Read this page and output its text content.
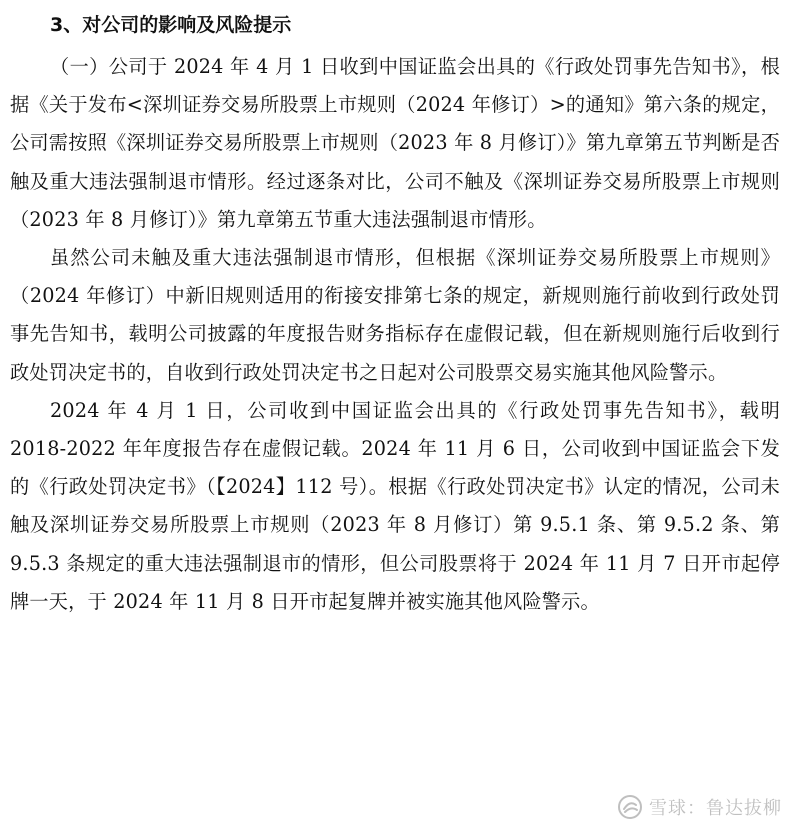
3、对公司的影响及风险提示

（一）公司于 2024 年 4 月 1 日收到中国证监会出具的《行政处罚事先告知书》，根据《关于发布<深圳证券交易所股票上市规则（2024 年修订）>的通知》第六条的规定，公司需按照《深圳证券交易所股票上市规则（2023 年 8 月修订）》第九章第五节判断是否触及重大违法强制退市情形。经过逐条对比，公司不触及《深圳证券交易所股票上市规则（2023 年 8 月修订）》第九章第五节重大违法强制退市情形。

虽然公司未触及重大违法强制退市情形，但根据《深圳证券交易所股票上市规则》（2024 年修订）中新旧规则适用的衔接安排第七条的规定，新规则施行前收到行政处罚事先告知书，载明公司披露的年度报告财务指标存在虚假记载，但在新规则施行后收到行政处罚决定书的，自收到行政处罚决定书之日起对公司股票交易实施其他风险警示。

2024 年 4 月 1 日，公司收到中国证监会出具的《行政处罚事先告知书》，载明 2018-2022 年年度报告存在虚假记载。2024 年 11 月 6 日，公司收到中国证监会下发的《行政处罚决定书》（【2024】112 号）。根据《行政处罚决定书》认定的情况，公司未触及深圳证券交易所股票上市规则（2023 年 8 月修订）第 9.5.1 条、第 9.5.2 条、第 9.5.3 条规定的重大违法强制退市的情形，但公司股票将于 2024 年 11 月 7 日开市起停牌一天，于 2024 年 11 月 8 日开市起复牌并被实施其他风险警示。

雪球：鲁达拔柳
